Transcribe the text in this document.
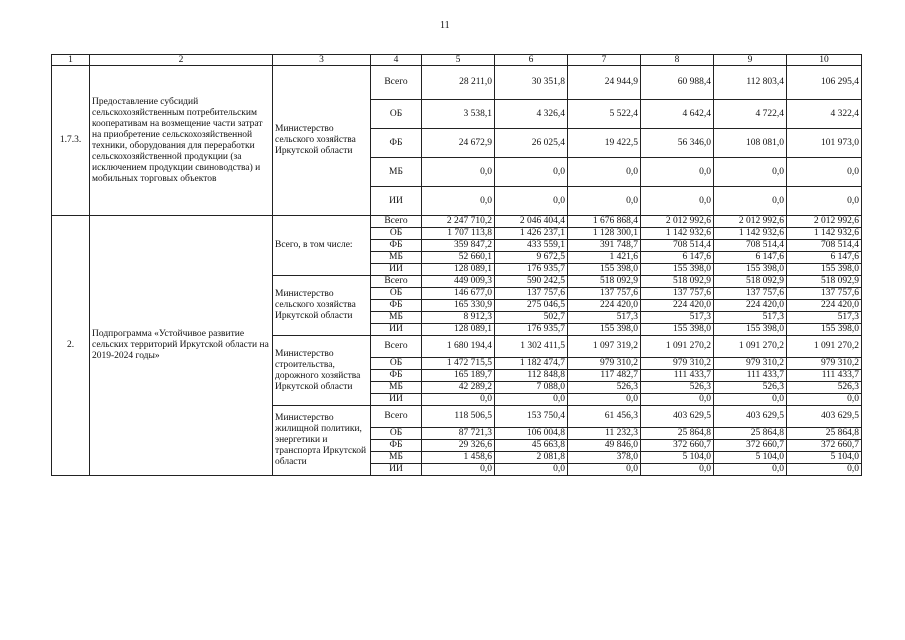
11
1	2	3	4	5	6	7	8	9	10
1.7.3.	Предоставление субсидий сельскохозяйственным потребительским кооперативам на возмещение части затрат на приобретение сельскохозяйственной техники, оборудования для переработки сельскохозяйственной продукции (за исключением продукции свиноводства) и мобильных торговых объектов	Министерство сельского хозяйства Иркутской области	Всего	28 211,0	30 351,8	24 944,9	60 988,4	112 803,4	106 295,4
			ОБ	3 538,1	4 326,4	5 522,4	4 642,4	4 722,4	4 322,4
			ФБ	24 672,9	26 025,4	19 422,5	56 346,0	108 081,0	101 973,0
			МБ	0,0	0,0	0,0	0,0	0,0	0,0
			ИИ	0,0	0,0	0,0	0,0	0,0	0,0
2.	Подпрограмма «Устойчивое развитие сельских территорий Иркутской области на 2019-2024 годы»	Всего, в том числе:	Всего	2 247 710,2	2 046 404,4	1 676 868,4	2 012 992,6	2 012 992,6	2 012 992,6
			ОБ	1 707 113,8	1 426 237,1	1 128 300,1	1 142 932,6	1 142 932,6	1 142 932,6
			ФБ	359 847,2	433 559,1	391 748,7	708 514,4	708 514,4	708 514,4
			МБ	52 660,1	9 672,5	1 421,6	6 147,6	6 147,6	6 147,6
			ИИ	128 089,1	176 935,7	155 398,0	155 398,0	155 398,0	155 398,0
		Министерство сельского хозяйства Иркутской области	Всего	449 009,3	590 242,5	518 092,9	518 092,9	518 092,9	518 092,9
			ОБ	146 677,0	137 757,6	137 757,6	137 757,6	137 757,6	137 757,6
			ФБ	165 330,9	275 046,5	224 420,0	224 420,0	224 420,0	224 420,0
			МБ	8 912,3	502,7	517,3	517,3	517,3	517,3
			ИИ	128 089,1	176 935,7	155 398,0	155 398,0	155 398,0	155 398,0
		Министерство строительства, дорожного хозяйства Иркутской области	Всего	1 680 194,4	1 302 411,5	1 097 319,2	1 091 270,2	1 091 270,2	1 091 270,2
			ОБ	1 472 715,5	1 182 474,7	979 310,2	979 310,2	979 310,2	979 310,2
			ФБ	165 189,7	112 848,8	117 482,7	111 433,7	111 433,7	111 433,7
			МБ	42 289,2	7 088,0	526,3	526,3	526,3	526,3
			ИИ	0,0	0,0	0,0	0,0	0,0	0,0
		Министерство жилищной политики, энергетики и транспорта Иркутской области	Всего	118 506,5	153 750,4	61 456,3	403 629,5	403 629,5	403 629,5
			ОБ	87 721,3	106 004,8	11 232,3	25 864,8	25 864,8	25 864,8
			ФБ	29 326,6	45 663,8	49 846,0	372 660,7	372 660,7	372 660,7
			МБ	1 458,6	2 081,8	378,0	5 104,0	5 104,0	5 104,0
			ИИ	0,0	0,0	0,0	0,0	0,0	0,0
